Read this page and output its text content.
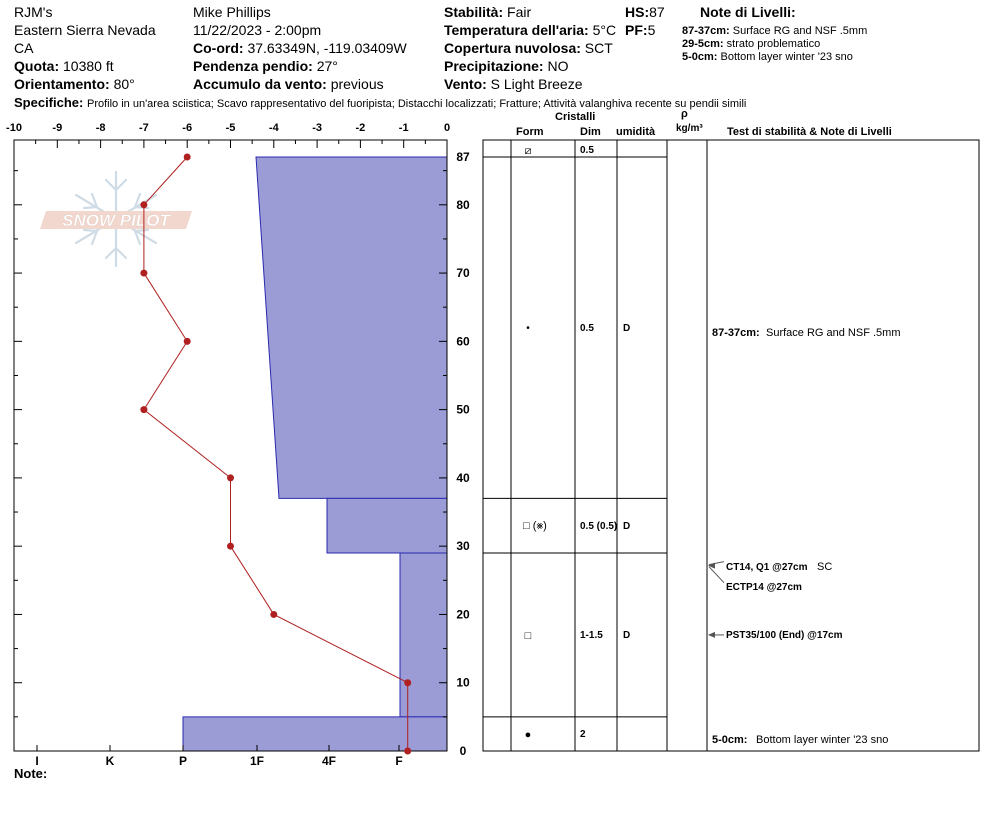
RJM's
Eastern Sierra Nevada
CA
Quota: 10380 ft
Orientamento: 80°
Mike Phillips
11/22/2023 - 2:00pm
Co-ord: 37.63349N, -119.03409W
Pendenza pendio: 27°
Accumulo da vento: previous
Stabilità: Fair
Temperatura dell'aria: 5°C
Copertura nuvolosa: SCT
Precipitazione: NO
Vento: S Light Breeze
HS:87
PF:5
Note di Livelli:
87-37cm: Surface RG and NSF .5mm
29-5cm: strato problematico
5-0cm: Bottom layer winter '23 sno
Specifiche: Profilo in un'area sciistica; Scavo rappresentativo del fuoripista; Distacchi localizzati; Fratture; Attività valanghiva recente su pendii simili
Cristalli
Form	Dim umidità
ρ
kg/m³ Test di stabilità & Note di Livelli
Note:
SNOW PILOT
-10	-9	-8	-7	-6	-5	-4	-3	-2	-1	0
0
10
20
30
40
50
60
70
80
87
I	K	P	1F	4F	F
⧄	0.5
•	0.5	D	87-37cm: Surface RG and NSF .5mm
□ (⨳)	0.5 (0.5) D
□	1-1.5 D
●	2	5-0cm: Bottom layer winter '23 sno
CT14, Q1 @27cm SC
ECTP14 @27cm
PST35/100 (End) @17cm
